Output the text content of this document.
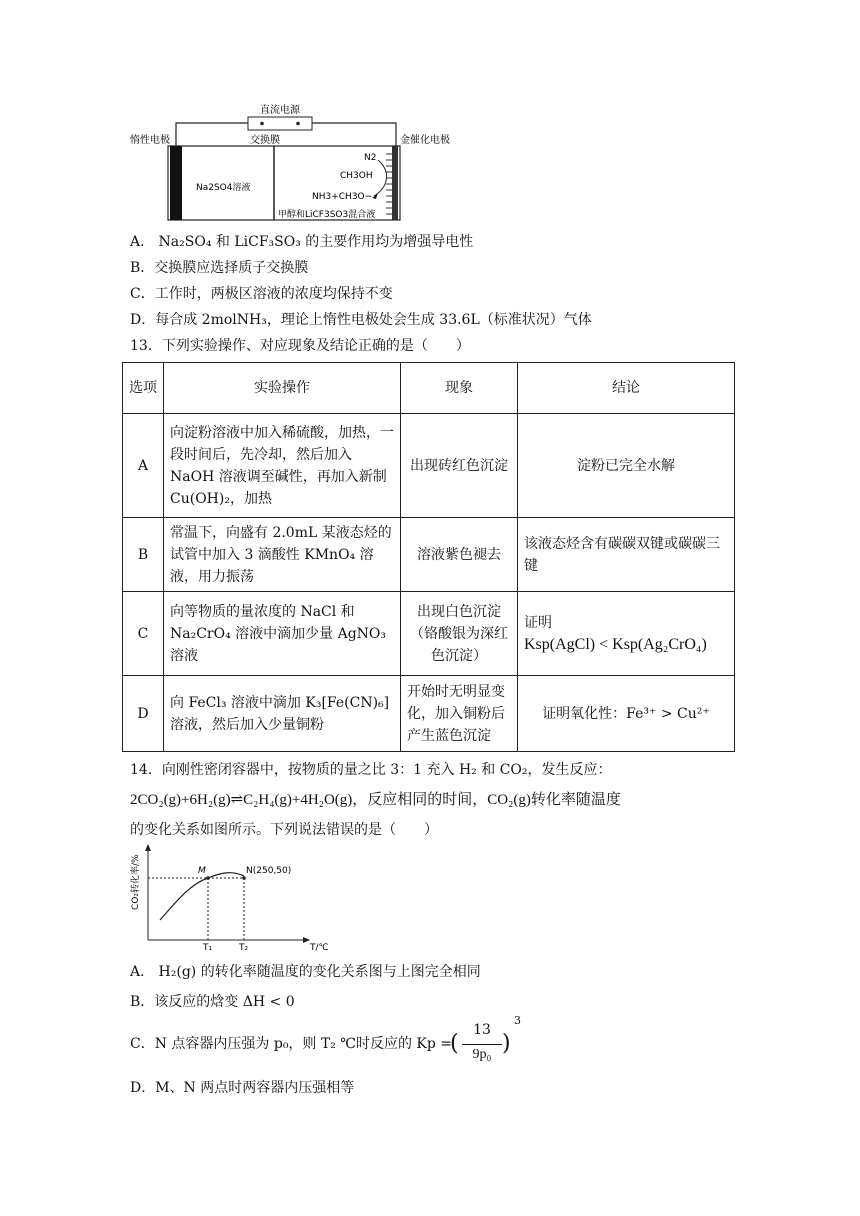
直流电源
惰性电极	交换膜	金催化电极
Na2SO4溶液
N2
CH3OH
NH3+CH3O−
甲醇和LiCF3SO3混合液
A． Na₂SO₄ 和 LiCF₃SO₃ 的主要作用均为增强导电性
B．交换膜应选择质子交换膜
C．工作时，两极区溶液的浓度均保持不变
D．每合成 2molNH₃，理论上惰性电极处会生成 33.6L（标准状况）气体
13．下列实验操作、对应现象及结论正确的是（　　）
选项	实验操作	现象	结论
A	向淀粉溶液中加入稀硫酸，加热，一段时间后，先冷却，然后加入 NaOH 溶液调至碱性，再加入新制 Cu(OH)₂，加热	出现砖红色沉淀	淀粉已完全水解
B	常温下，向盛有 2.0mL 某液态烃的试管中加入 3 滴酸性 KMnO₄ 溶液，用力振荡	溶液紫色褪去	该液态烃含有碳碳双键或碳碳三键
C	向等物质的量浓度的 NaCl 和 Na₂CrO₄ 溶液中滴加少量 AgNO₃ 溶液	出现白色沉淀（铬酸银为深红色沉淀）	证明
Ksp(AgCl) < Ksp(Ag₂CrO₄)

D	向 FeCl₃ 溶液中滴加 K₃[Fe(CN)₆] 溶液，然后加入少量铜粉	开始时无明显变化，加入铜粉后产生蓝色沉淀	证明氧化性：Fe³⁺ > Cu²⁺
14．向刚性密闭容器中，按物质的量之比 3：1 充入 H₂ 和 CO₂，发生反应：
2CO₂(g)+6H₂(g)⇌C₂H₄(g)+4H₂O(g)，反应相同的时间，CO₂(g)转化率随温度
的变化关系如图所示。下列说法错误的是（　　）
CO₂转化率/%
T/℃
M	N(250,50)
T₁	T₂
A． H₂(g) 的转化率随温度的变化关系图与上图完全相同
B．该反应的焓变 ΔH < 0
C．N 点容器内压强为 p₀，则 T₂ ℃时反应的 Kp =
(
13
9p₀ )
3
D．M、N 两点时两容器内压强相等
